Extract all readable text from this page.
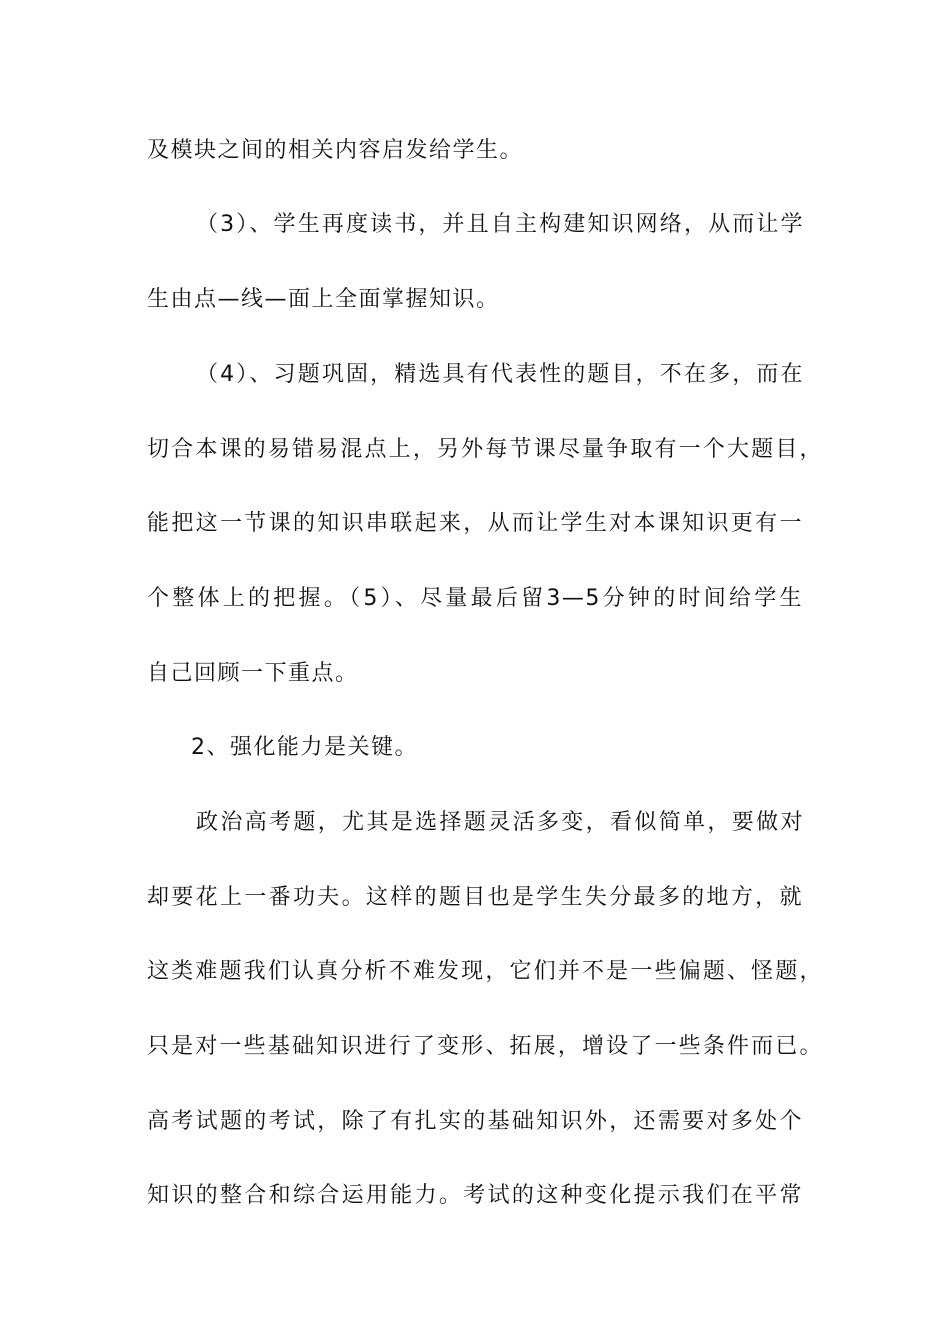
及模块之间的相关内容启发给学生。
（3）、学生再度读书，并且自主构建知识网络，从而让学
生由点—线—面上全面掌握知识。
（4）、习题巩固，精选具有代表性的题目，不在多，而在
切合本课的易错易混点上，另外每节课尽量争取有一个大题目，
能把这一节课的知识串联起来，从而让学生对本课知识更有一
个整体上的把握。（5）、尽量最后留3—5分钟的时间给学生
自己回顾一下重点。
2、强化能力是关键。
政治高考题，尤其是选择题灵活多变，看似简单，要做对
却要花上一番功夫。这样的题目也是学生失分最多的地方，就
这类难题我们认真分析不难发现，它们并不是一些偏题、怪题，
只是对一些基础知识进行了变形、拓展，增设了一些条件而已。
高考试题的考试，除了有扎实的基础知识外，还需要对多处个
知识的整合和综合运用能力。考试的这种变化提示我们在平常
